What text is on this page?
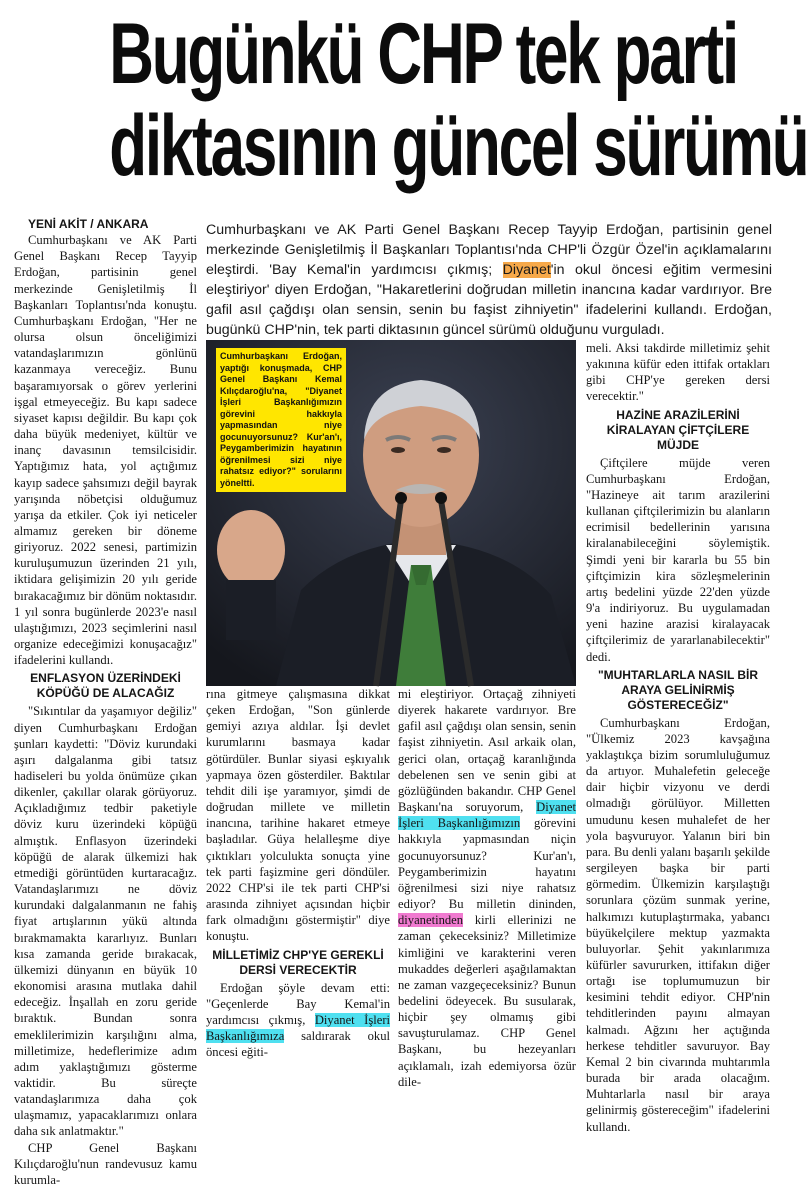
Bugünkü CHP tek parti
diktasının güncel sürümü
YENİ AKİT / ANKARA

Cumhurbaşkanı ve AK Parti Genel Başkanı Recep Tayyip Erdoğan, partisinin genel merkezinde Genişletilmiş İl Başkanları Toplantısı'nda konuştu. Cumhurbaşkanı Erdoğan, "Her ne olursa olsun önceliğimizi vatandaşlarımızın gönlünü kazanmaya vereceğiz. Bunu başaramıyorsak o görev yerlerini işgal etmeyeceğiz. Bu kapı sadece siyaset kapısı değildir. Bu kapı çok daha büyük medeniyet, kültür ve inanç davasının temsilcisidir. Yaptığımız hata, yol açtığımız kayıp sadece şahsımızı değil bayrak yarışında nöbetçisi olduğumuz yarışa da etkiler. Çok iyi neticeler almamız gereken bir döneme giriyoruz. 2022 senesi, partimizin kuruluşumuzun üzerinden 21 yılı, iktidara gelişimizin 20 yılı geride bırakacağımız bir dönüm noktasıdır. 1 yıl sonra bugünlerde 2023'e nasıl ulaştığımızı, 2023 seçimlerini nasıl organize edeceğimizi konuşacağız" ifadelerini kullandı.

ENFLASYON ÜZERİNDEKİ KÖPÜĞÜ DE ALACAĞIZ

"Sıkıntılar da yaşamıyor değiliz" diyen Cumhurbaşkanı Erdoğan şunları kaydetti: "Döviz kurundaki aşırı dalgalanma gibi tatsız hadiseleri bu yolda önümüze çıkan dikenler, çakıllar olarak görüyoruz. Açıkladığımız tedbir paketiyle döviz kuru üzerindeki köpüğü almıştık. Enflasyon üzerindeki köpüğü de alarak ülkemizi hak etmediği görüntüden kurtaracağız. Vatandaşlarımızı ne döviz kurundaki dalgalanmanın ne fahiş fiyat artışlarının yükü altında bırakmamakta kararlıyız. Bunları kısa zamanda geride bırakacak, ülkemizi dünyanın en büyük 10 ekonomisi arasına mutlaka dahil edeceğiz. İnşallah en zoru geride bıraktık. Bundan sonra emeklilerimizin karşılığını alma, milletimize, hedeflerimize adım adım yaklaştığımızı gösterme vaktidir. Bu süreçte vatandaşlarımıza daha çok ulaşmamız, yapacaklarımızı onlara daha sık anlatmaktır."

CHP Genel Başkanı Kılıçdaroğlu'nun randevusuz kamu kurumla-

Cumhurbaşkanı ve AK Parti Genel Başkanı Recep Tayyip Erdoğan, partisinin genel merkezinde Genişletilmiş İl Başkanları Toplantısı'nda CHP'li Özgür Özel'in açıklamalarını eleştirdi. 'Bay Kemal'in yardımcısı çıkmış; Diyanet'in okul öncesi eğitim vermesini eleştiriyor' diyen Erdoğan, "Hakaretlerini doğrudan milletin inancına kadar vardırıyor. Bre gafil asıl çağdışı olan sensin, senin bu faşist zihniyetin" ifadelerini kullandı. Erdoğan, bugünkü CHP'nin, tek parti diktasının güncel sürümü olduğunu vurguladı.
Cumhurbaşkanı Erdoğan, yaptığı konuşmada, CHP Genel Başkanı Kemal Kılıçdaroğlu'na, "Diyanet İşleri Başkanlığımızın görevini hakkıyla yapmasından niye gocunuyorsunuz? Kur'an'ı, Peygamberimizin hayatının öğrenilmesi sizi niye rahatsız ediyor?" sorularını yöneltti.

rına gitmeye çalışmasına dikkat çeken Erdoğan, "Son günlerde gemiyi azıya aldılar. İşi devlet kurumlarını basmaya kadar götürdüler. Bunlar siyasi eşkıyalık yapmaya özen gösterdiler. Baktılar tehdit dili işe yaramıyor, şimdi de doğrudan millete ve milletin inancına, tarihine hakaret etmeye başladılar. Güya helalleşme diye çıktıkları yolculukta sonuçta yine tek parti faşizmine geri döndüler. 2022 CHP'si ile tek parti CHP'si arasında zihniyet açısından hiçbir fark olmadığını göstermiştir" diye konuştu.

MİLLETİMİZ CHP'YE GEREKLİ DERSİ VERECEKTİR

Erdoğan şöyle devam etti: "Geçenlerde Bay Kemal'in yardımcısı çıkmış, Diyanet İşleri Başkanlığımıza saldırarak okul öncesi eğiti-

mi eleştiriyor. Ortaçağ zihniyeti diyerek hakarete vardırıyor. Bre gafil asıl çağdışı olan sensin, senin faşist zihniyetin. Asıl arkaik olan, gerici olan, ortaçağ karanlığında debelenen sen ve senin gibi at gözlüğünden bakandır. CHP Genel Başkanı'na soruyorum, Diyanet İşleri Başkanlığımızın görevini hakkıyla yapmasından niçin gocunuyorsunuz? Kur'an'ı, Peygamberimizin hayatını öğrenilmesi sizi niye rahatsız ediyor? Bu milletin dininden, diyanetinden kirli ellerinizi ne zaman çekeceksiniz? Milletimize kimliğini ve karakterini veren mukaddes değerleri aşağılamaktan ne zaman vazgeçeceksiniz? Bunun bedelini ödeyecek. Bu susularak, hiçbir şey olmamış gibi savuşturulamaz. CHP Genel Başkanı, bu hezeyanları açıklamalı, izah edemiyorsa özür dile-

meli. Aksi takdirde milletimiz şehit yakınına küfür eden ittifak ortakları gibi CHP'ye gereken dersi verecektir."

HAZİNE ARAZİLERİNİ KİRALAYAN ÇİFTÇİLERE MÜJDE

Çiftçilere müjde veren Cumhurbaşkanı Erdoğan, "Hazineye ait tarım arazilerini kullanan çiftçilerimizin bu alanların ecrimisil bedellerinin yarısına kiralanabileceğini söylemiştik. Şimdi yeni bir kararla bu 55 bin çiftçimizin kira sözleşmelerinin artış bedelini yüzde 22'den yüzde 9'a indiriyoruz. Bu uygulamadan yeni hazine arazisi kiralayacak çiftçilerimiz de yararlanabilecektir" dedi.

"MUHTARLARLA NASIL BİR ARAYA GELİNİRMİŞ GÖSTERECEĞİZ"

Cumhurbaşkanı Erdoğan, "Ülkemiz 2023 kavşağına yaklaştıkça bizim sorumluluğumuz da artıyor. Muhalefetin geleceğe dair hiçbir vizyonu ve derdi olmadığı görülüyor. Milletten umudunu kesen muhalefet de her yola başvuruyor. Yalanın biri bin para. Bu denli yalanı başarılı şekilde sergileyen başka bir parti görmedim. Ülkemizin karşılaştığı sorunlara çözüm sunmak yerine, halkımızı kutuplaştırmaka, yabancı büyükelçilere mektup yazmakta buluyorlar. Şehit yakınlarımıza küfürler savururken, ittifakın diğer ortağı ise toplumumuzun bir kesimini tehdit ediyor. CHP'nin tehditlerinden payını almayan kalmadı. Ağzını her açtığında herkese tehditler savuruyor. Bay Kemal 2 bin civarında muhtarımla burada bir arada olacağım. Muhtarlarla nasıl bir araya gelinirmiş göstereceğim" ifadelerini kullandı.
